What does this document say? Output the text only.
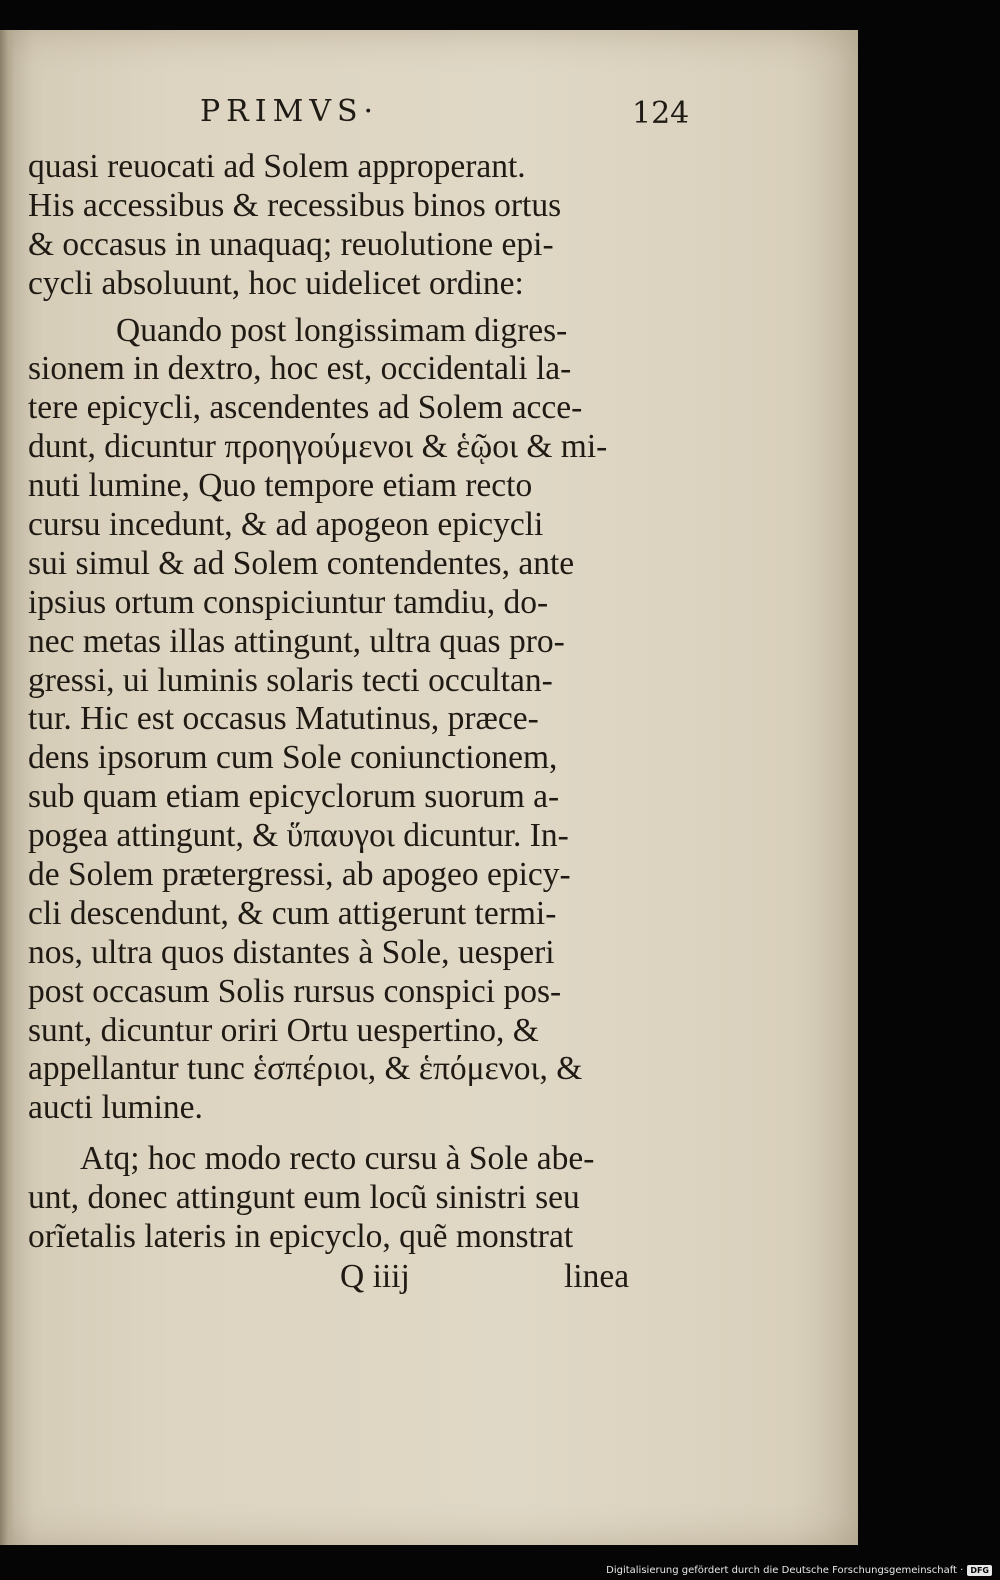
PRIMVS·	124
quasi reuocati ad Solem approperant.
His accessibus & recessibus binos ortus
& occasus in unaquaq; reuolutione epi-
cycli absoluunt, hoc uidelicet ordine:
Quando post longissimam digres-
sionem in dextro, hoc est, occidentali la-
tere epicycli, ascendentes ad Solem acce-
dunt, dicuntur προηγούμενοι & ἑῷοι & mi-
nuti lumine, Quo tempore etiam recto
cursu incedunt, & ad apogeon epicycli
sui simul & ad Solem contendentes, ante
ipsius ortum conspiciuntur tamdiu, do-
nec metas illas attingunt, ultra quas pro-
gressi, ui luminis solaris tecti occultan-
tur. Hic est occasus Matutinus, præce-
dens ipsorum cum Sole coniunctionem,
sub quam etiam epicyclorum suorum a-
pogea attingunt, & ὕπαυγοι dicuntur. In-
de Solem prætergressi, ab apogeo epicy-
cli descendunt, & cum attigerunt termi-
nos, ultra quos distantes à Sole, uesperi
post occasum Solis rursus conspici pos-
sunt, dicuntur oriri Ortu uespertino, &
appellantur tunc ἑσπέριοι, & ἑπόμενοι, &
aucti lumine.
Atq; hoc modo recto cursu à Sole abe-
unt, donec attingunt eum locũ sinistri seu
orĩetalis lateris in epicyclo, quẽ monstrat
Q iiij	linea
Digitalisierung gefördert durch die Deutsche Forschungsgemeinschaft · DFG
